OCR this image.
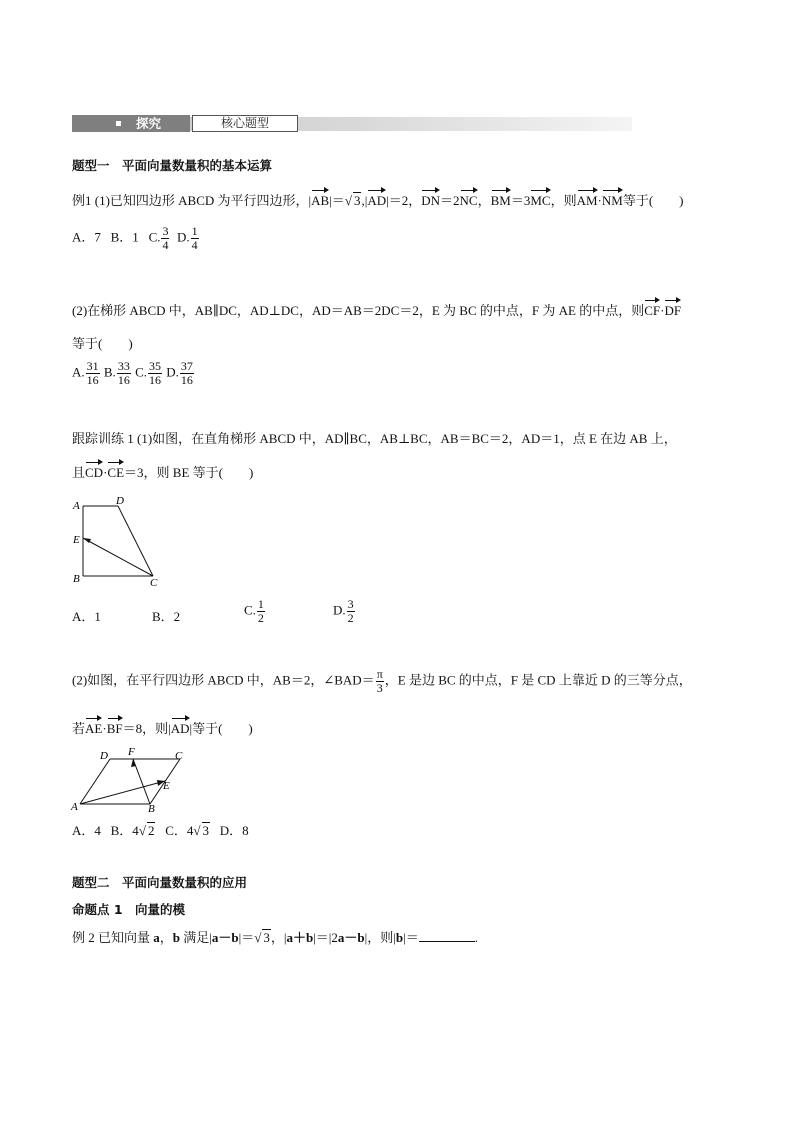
探究	核心题型
题型一　平面向量数量积的基本运算
例1 (1)已知四边形 ABCD 为平行四边形，|AB|＝√ 3,|AD|＝2，DN＝2NC，BM＝3MC，则AM·NM等于(　　)
A．7 B．1 C. $\frac{3}{4} D$. $\frac{1}{4}$
(2)在梯形 ABCD 中，AB∥DC，AD⊥DC，AD＝AB＝2DC＝2，E 为 BC 的中点，F 为 AE 的中点，则CF·DF
等于(　　)
A. $\frac{31}{16} B$. $\frac{33}{16} C$. $\frac{35}{16} D$. $\frac{37}{16}$
跟踪训练 1 (1)如图，在直角梯形 ABCD 中，AD∥BC，AB⊥BC，AB＝BC＝2，AD＝1，点 E 在边 AB 上，
且CD·CE＝3，则 BE 等于(　　)
A	D
E
B	C
A．1	B．2	C. $\frac{1}{2}$	D. $\frac{3}{2}$
(2)如图，在平行四边形 ABCD 中，AB＝2，∠BAD＝ $\frac{\pi}{3}$ ，E 是边 BC 的中点，F 是 CD 上靠近 D 的三等分点，
若AE·BF＝8，则|AD|等于(　　)
D F	C
E
A	B
A．4 B．4√ 2 C．4√ 3 D．8
题型二　平面向量数量积的应用
命题点 1　向量的模
例 2 已知向量 a，b 满足|a－b|＝√ 3，|a＋b|＝|2a－b|，则|b|＝	.
